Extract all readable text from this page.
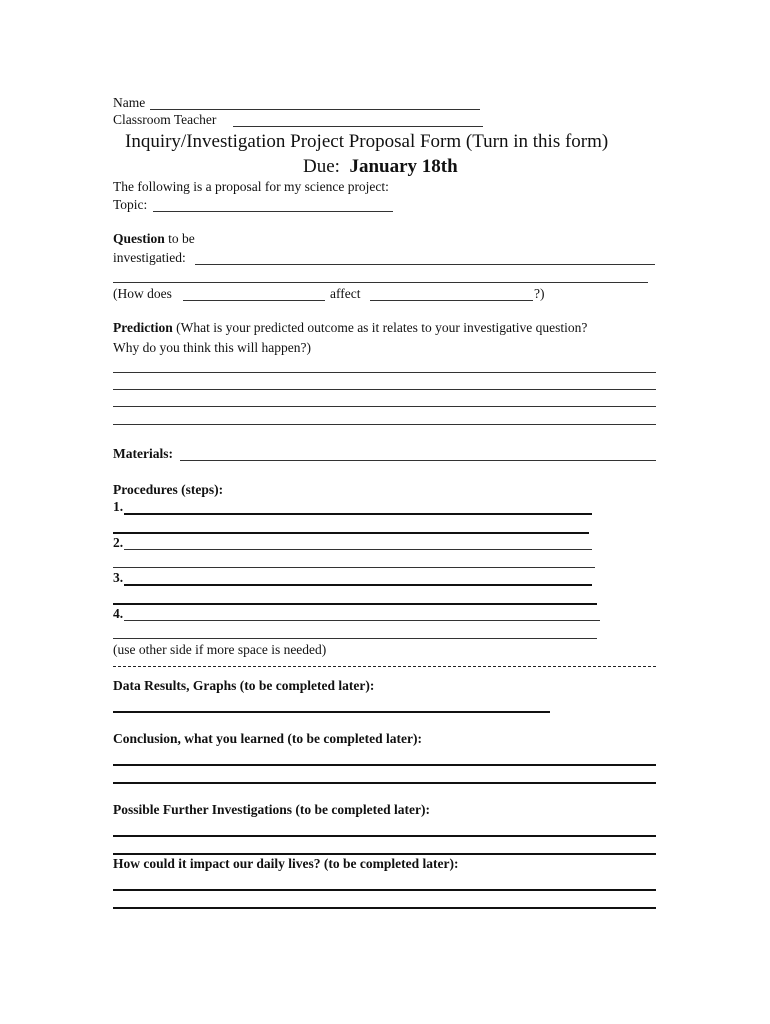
Name
Classroom Teacher
Inquiry/Investigation Project Proposal Form (Turn in this form)
Due: January 18th
The following is a proposal for my science project:
Topic:
Question to be
investigatied:
(How does	affect	?)
Prediction (What is your predicted outcome as it relates to your investigative question?
Why do you think this will happen?)
Materials:
Procedures (steps):
1.
2.
3.
4.
(use other side if more space is needed)
Data Results, Graphs (to be completed later):
Conclusion, what you learned (to be completed later):
Possible Further Investigations (to be completed later):
How could it impact our daily lives? (to be completed later):
